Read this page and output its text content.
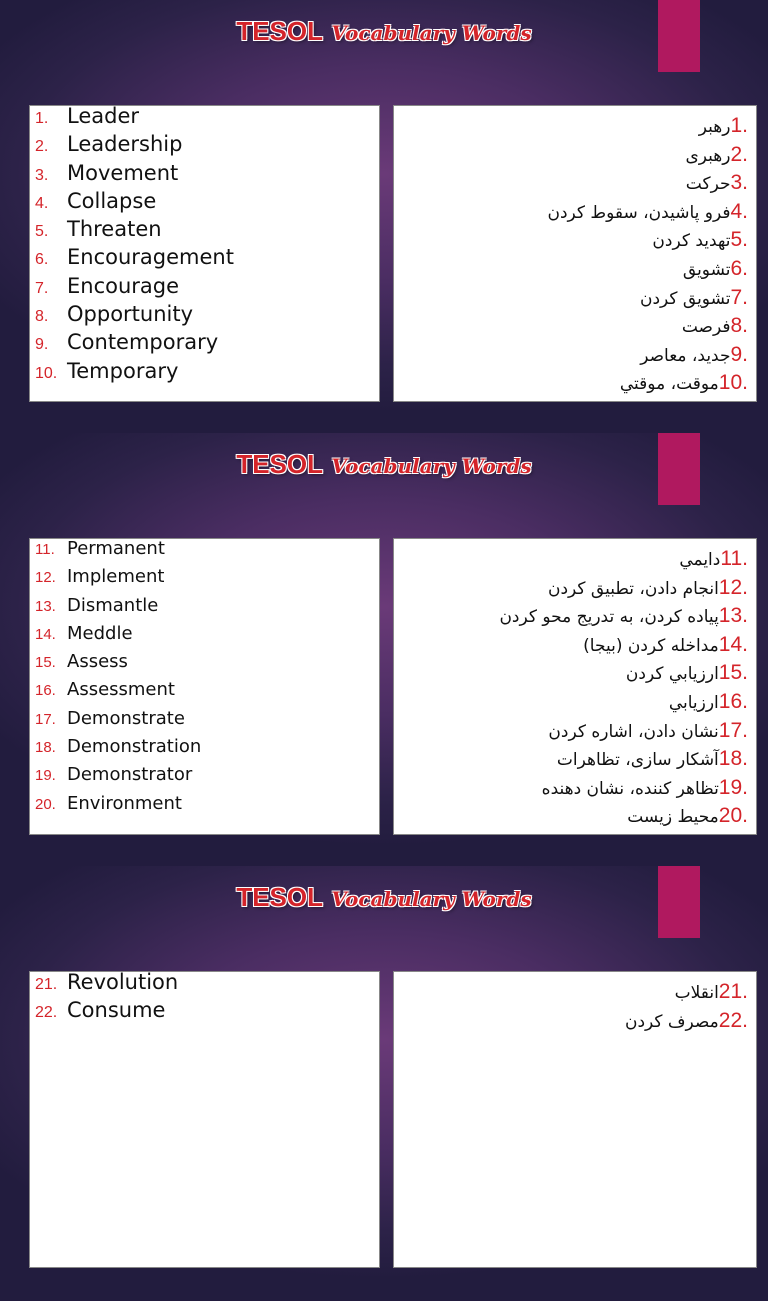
TESOL Vocabulary Words
1. Leader
2. Leadership
3. Movement
4. Collapse
5. Threaten
6. Encouragement
7. Encourage
8. Opportunity
9. Contemporary
10. Temporary
رهبر1.
رهبری2.
حرکت3.
فرو پاشیدن، سقوط کردن4.
تهدید کردن5.
تشویق6.
تشویق کردن7.
فرصت8.
جدید، معاصر9.
موقت، موقتي10.
TESOL Vocabulary Words
11. Permanent
12. Implement
13. Dismantle
14. Meddle
15. Assess
16. Assessment
17. Demonstrate
18. Demonstration
19. Demonstrator
20. Environment
دایمي11.
انجام دادن، تطبیق کردن12.
پیاده کردن، به تدریج محو کردن13.
مداخله کردن (بیجا)14.
ارزیابي کردن15.
ارزیابي16.
نشان دادن، اشاره کردن17.
آشکار سازی، تظاهرات18.
تظاهر کننده، نشان دهنده19.
محیط زیست20.
TESOL Vocabulary Words
21. Revolution
22. Consume
انقلاب21.
مصرف کردن22.
